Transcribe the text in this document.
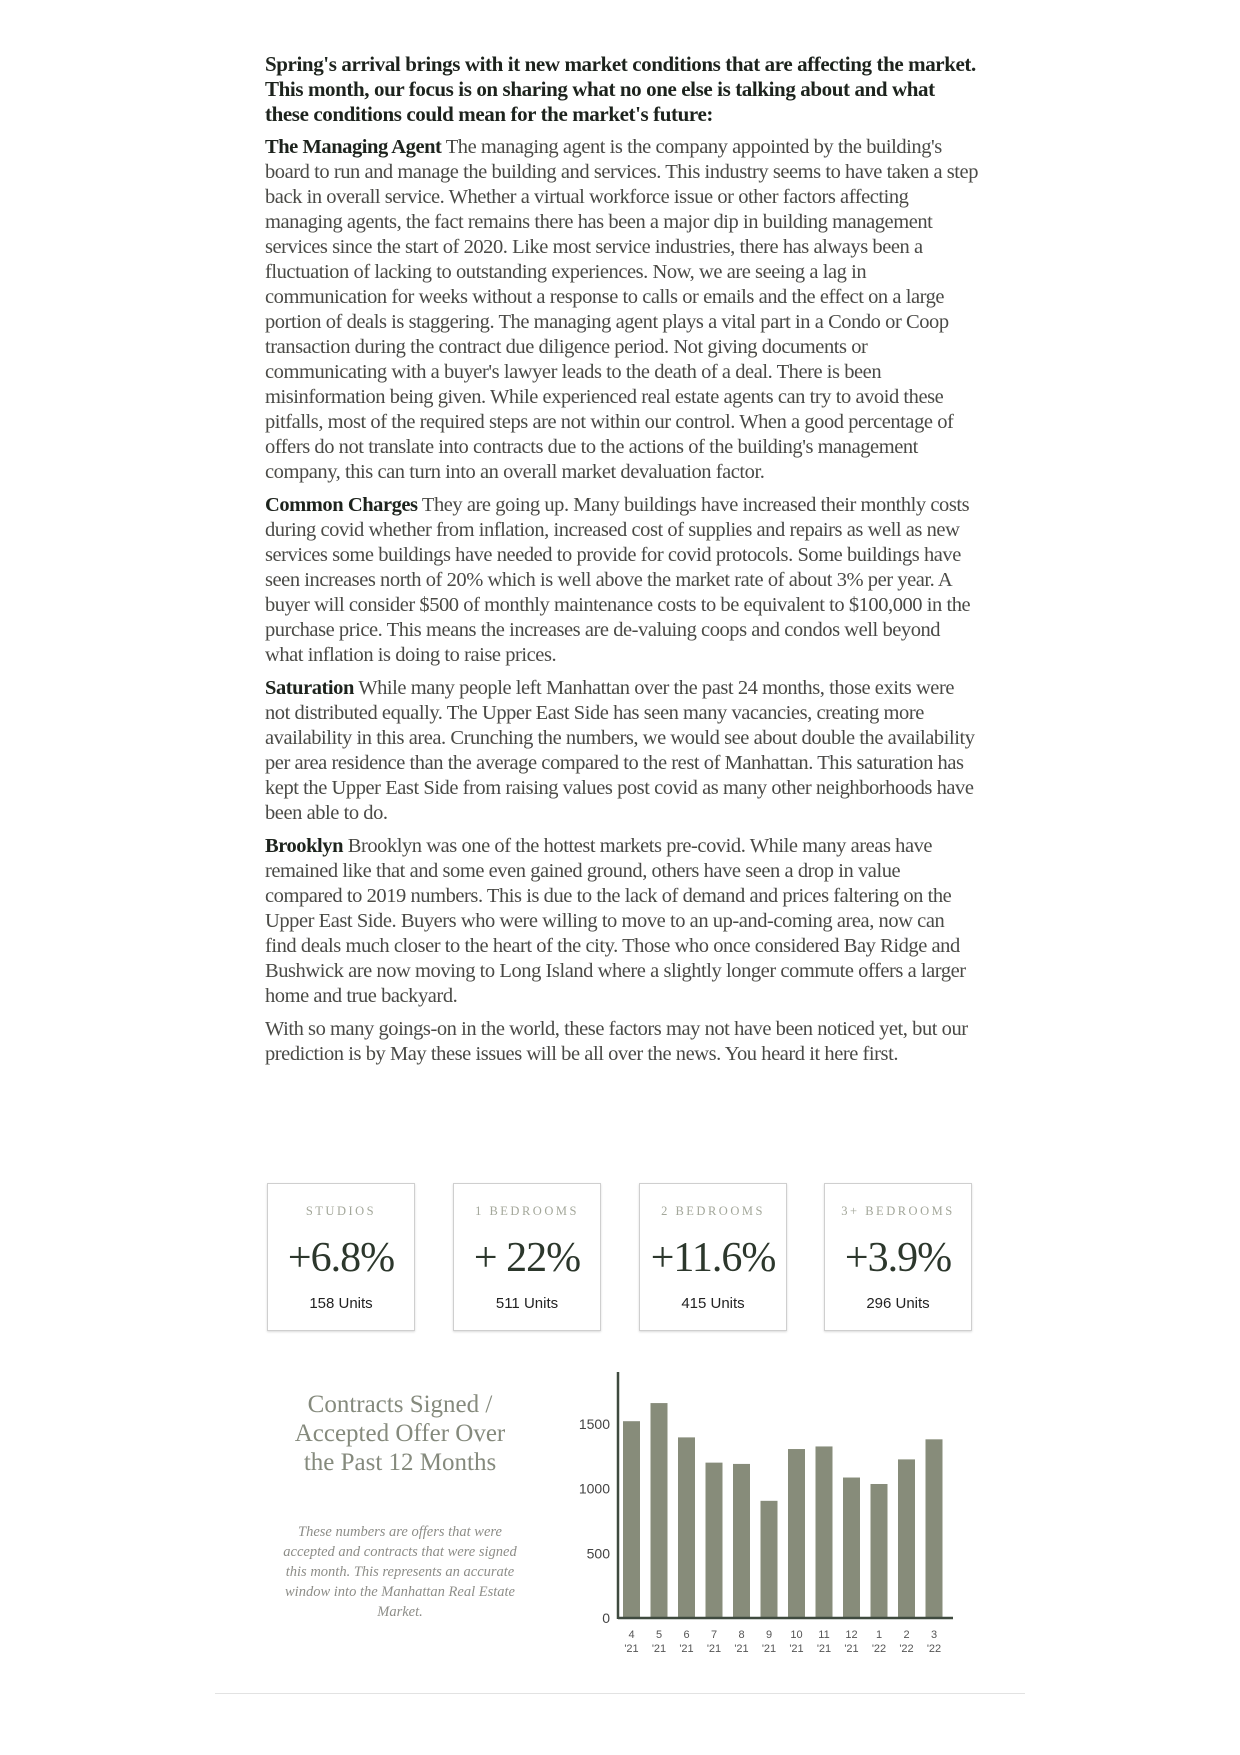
Spring's arrival brings with it new market conditions that are affecting the market. This month, our focus is on sharing what no one else is talking about and what these conditions could mean for the market's future:

The Managing Agent The managing agent is the company appointed by the building's board to run and manage the building and services. This industry seems to have taken a step back in overall service. Whether a virtual workforce issue or other factors affecting managing agents, the fact remains there has been a major dip in building management services since the start of 2020. Like most service industries, there has always been a fluctuation of lacking to outstanding experiences. Now, we are seeing a lag in communication for weeks without a response to calls or emails and the effect on a large portion of deals is staggering. The managing agent plays a vital part in a Condo or Coop transaction during the contract due diligence period. Not giving documents or communicating with a buyer's lawyer leads to the death of a deal. There is been misinformation being given. While experienced real estate agents can try to avoid these pitfalls, most of the required steps are not within our control. When a good percentage of offers do not translate into contracts due to the actions of the building's management company, this can turn into an overall market devaluation factor.

Common Charges They are going up. Many buildings have increased their monthly costs during covid whether from inflation, increased cost of supplies and repairs as well as new services some buildings have needed to provide for covid protocols. Some buildings have seen increases north of 20% which is well above the market rate of about 3% per year. A buyer will consider $500 of monthly maintenance costs to be equivalent to $100,000 in the purchase price. This means the increases are de-valuing coops and condos well beyond what inflation is doing to raise prices.

Saturation While many people left Manhattan over the past 24 months, those exits were not distributed equally. The Upper East Side has seen many vacancies, creating more availability in this area. Crunching the numbers, we would see about double the availability per area residence than the average compared to the rest of Manhattan. This saturation has kept the Upper East Side from raising values post covid as many other neighborhoods have been able to do.

Brooklyn Brooklyn was one of the hottest markets pre-covid. While many areas have remained like that and some even gained ground, others have seen a drop in value compared to 2019 numbers. This is due to the lack of demand and prices faltering on the Upper East Side. Buyers who were willing to move to an up-and-coming area, now can find deals much closer to the heart of the city. Those who once considered Bay Ridge and Bushwick are now moving to Long Island where a slightly longer commute offers a larger home and true backyard.

With so many goings-on in the world, these factors may not have been noticed yet, but our prediction is by May these issues will be all over the news. You heard it here first.

STUDIOS
+6.8%
158 Units
1 BEDROOMS
+ 22%
511 Units
2 BEDROOMS
+11.6%
415 Units
3+ BEDROOMS
+3.9%
296 Units
Contracts Signed / Accepted Offer Over the Past 12 Months
These numbers are offers that were accepted and contracts that were signed this month. This represents an accurate window into the Manhattan Real Estate Market.
4
'21
5
'21
6
'21
7
'21
8
'21
9
'21
10
'21
11
'21
12
'21
1
'22
2
'22
3
'22
0
500
1000
1500
